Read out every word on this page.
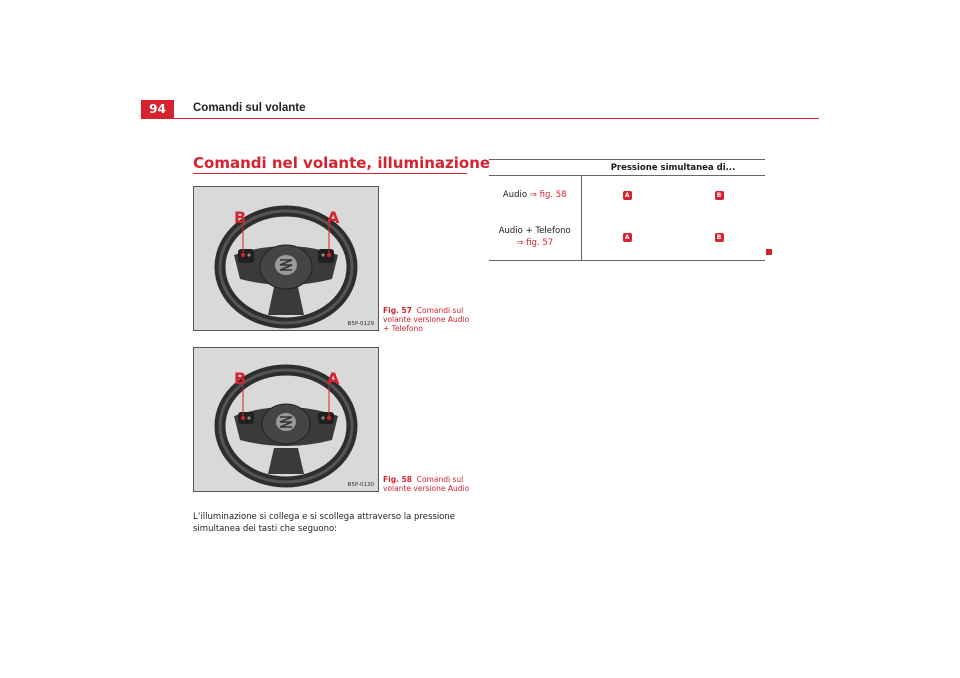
94	Comandi sul volante
Comandi nel volante, illuminazione
B	A
B5P-0129
Fig. 57 Comandi sul volante versione Audio + Telefono
B	A
B5P-0130
Fig. 58 Comandi sul volante versione Audio
L’illuminazione si collega e si scollega attraverso la pressione simultanea dei tasti che seguono:
	Pressione simultanea di...	
Audio ⇒ fig. 58	A	B

Audio + Telefono
⇒ fig. 57	A	B
